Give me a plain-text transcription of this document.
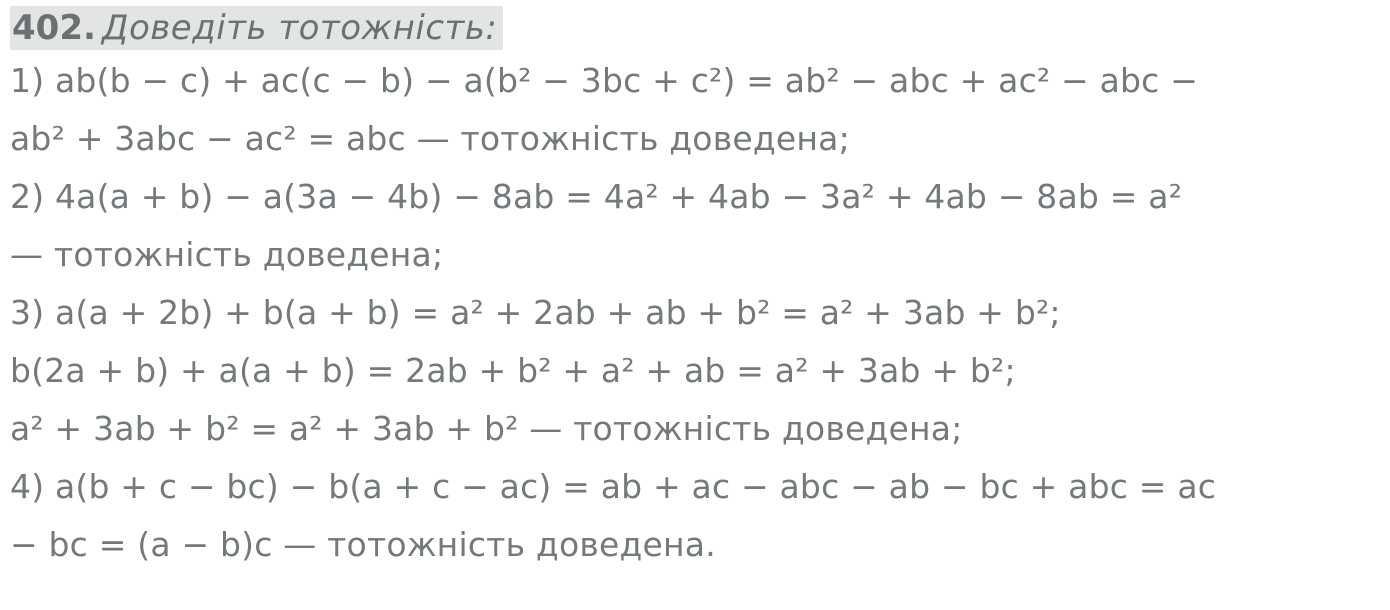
402. Доведіть тотожність:
1) ab(b − c) + ac(c − b) − a(b² − 3bc + c²) = ab² − abc + ac² − abc −
ab² + 3abc − ac² = abc — тотожність доведена;
2) 4a(a + b) − a(3a − 4b) − 8ab = 4a² + 4ab − 3a² + 4ab − 8ab = a²
— тотожність доведена;
3) a(a + 2b) + b(a + b) = a² + 2ab + ab + b² = a² + 3ab + b²;
b(2a + b) + a(a + b) = 2ab + b² + a² + ab = a² + 3ab + b²;
a² + 3ab + b² = a² + 3ab + b² — тотожність доведена;
4) a(b + c − bc) − b(a + c − ac) = ab + ac − abc − ab − bc + abc = ac
− bc = (a − b)c — тотожність доведена.
